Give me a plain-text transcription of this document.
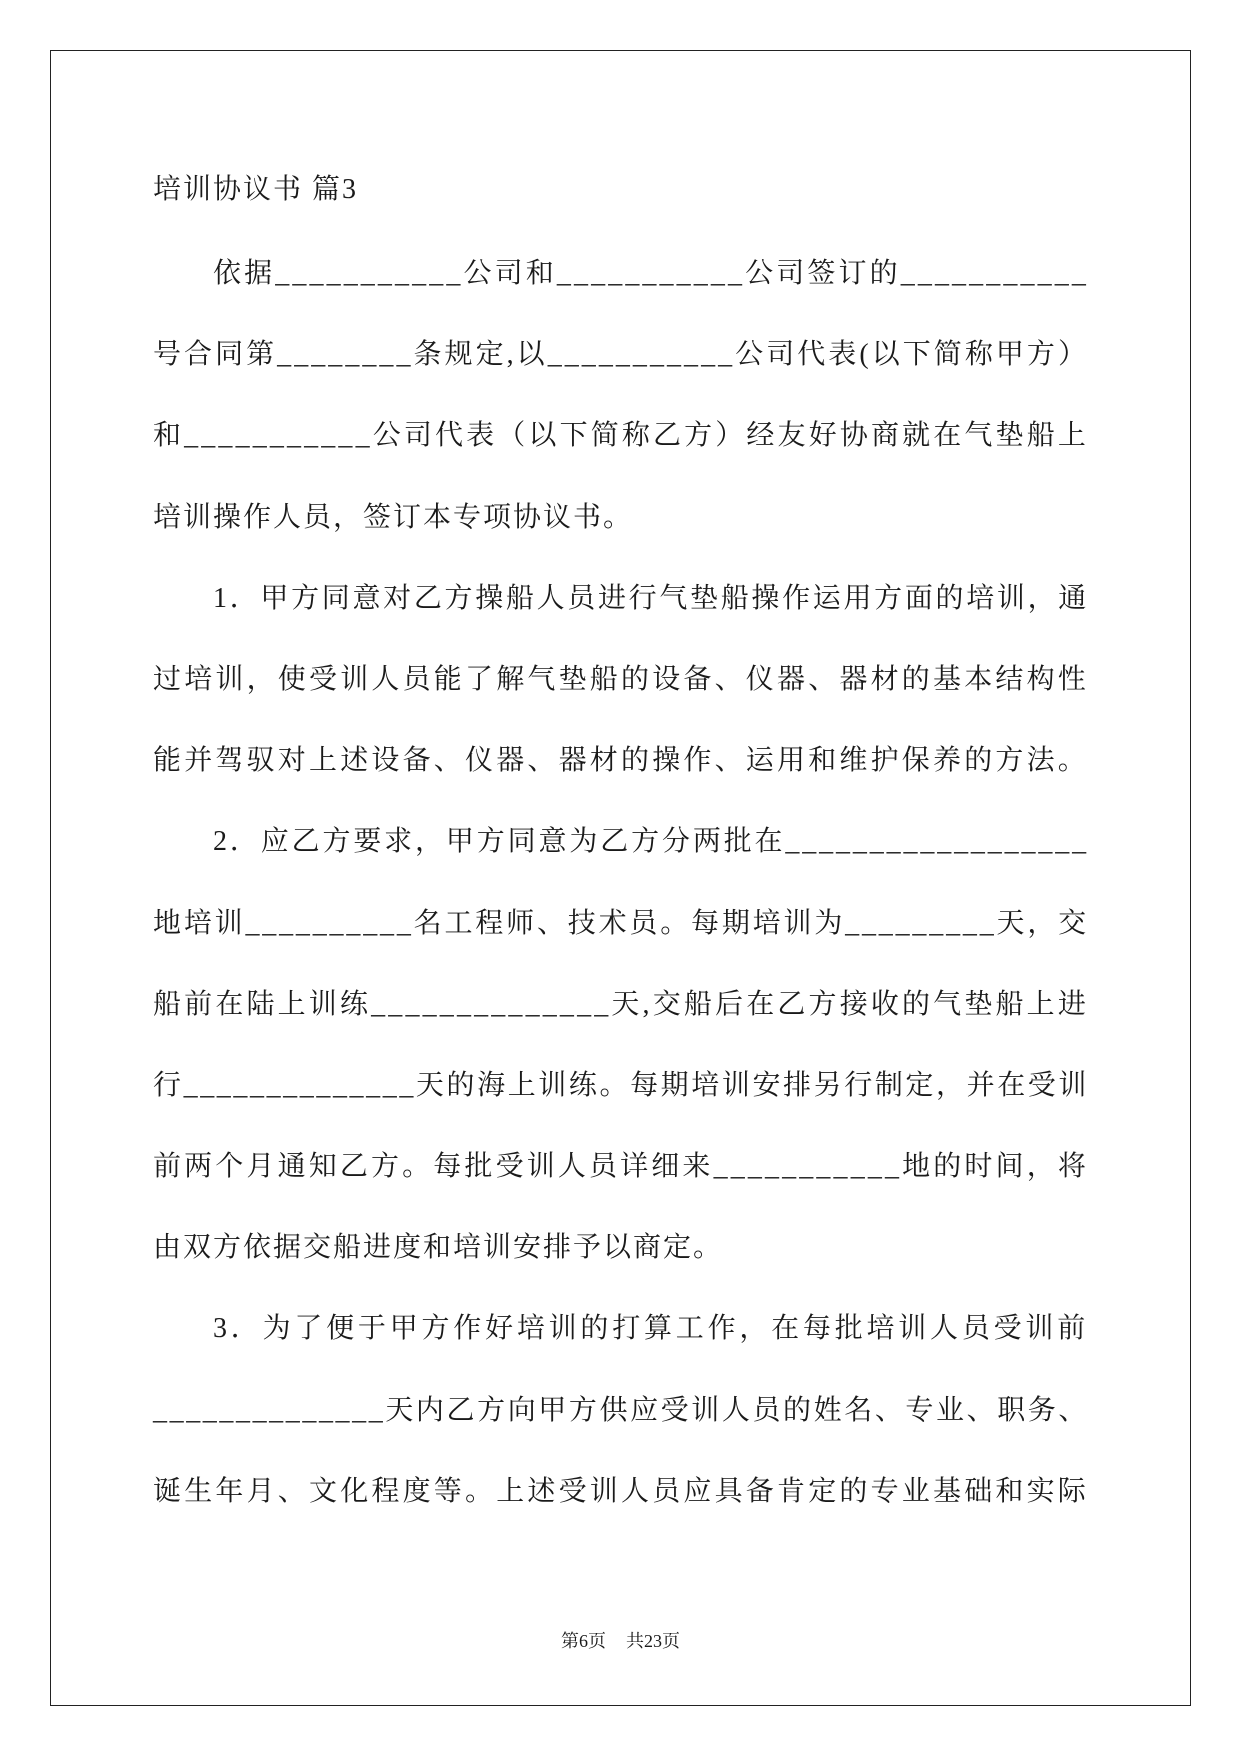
培训协议书 篇3
依据___________公司和___________公司签订的___________
号合同第________条规定,以___________公司代表(以下简称甲方）
和___________公司代表（以下简称乙方）经友好协商就在气垫船上
培训操作人员，签订本专项协议书。
1．甲方同意对乙方操船人员进行气垫船操作运用方面的培训，通
过培训，使受训人员能了解气垫船的设备、仪器、器材的基本结构性
能并驾驭对上述设备、仪器、器材的操作、运用和维护保养的方法。
2．应乙方要求，甲方同意为乙方分两批在__________________
地培训__________名工程师、技术员。每期培训为_________天，交
船前在陆上训练______________天,交船后在乙方接收的气垫船上进
行______________天的海上训练。每期培训安排另行制定，并在受训
前两个月通知乙方。每批受训人员详细来___________地的时间，将
由双方依据交船进度和培训安排予以商定。
3．为了便于甲方作好培训的打算工作，在每批培训人员受训前
______________天内乙方向甲方供应受训人员的姓名、专业、职务、
诞生年月、文化程度等。上述受训人员应具备肯定的专业基础和实际
第6页 共23页
